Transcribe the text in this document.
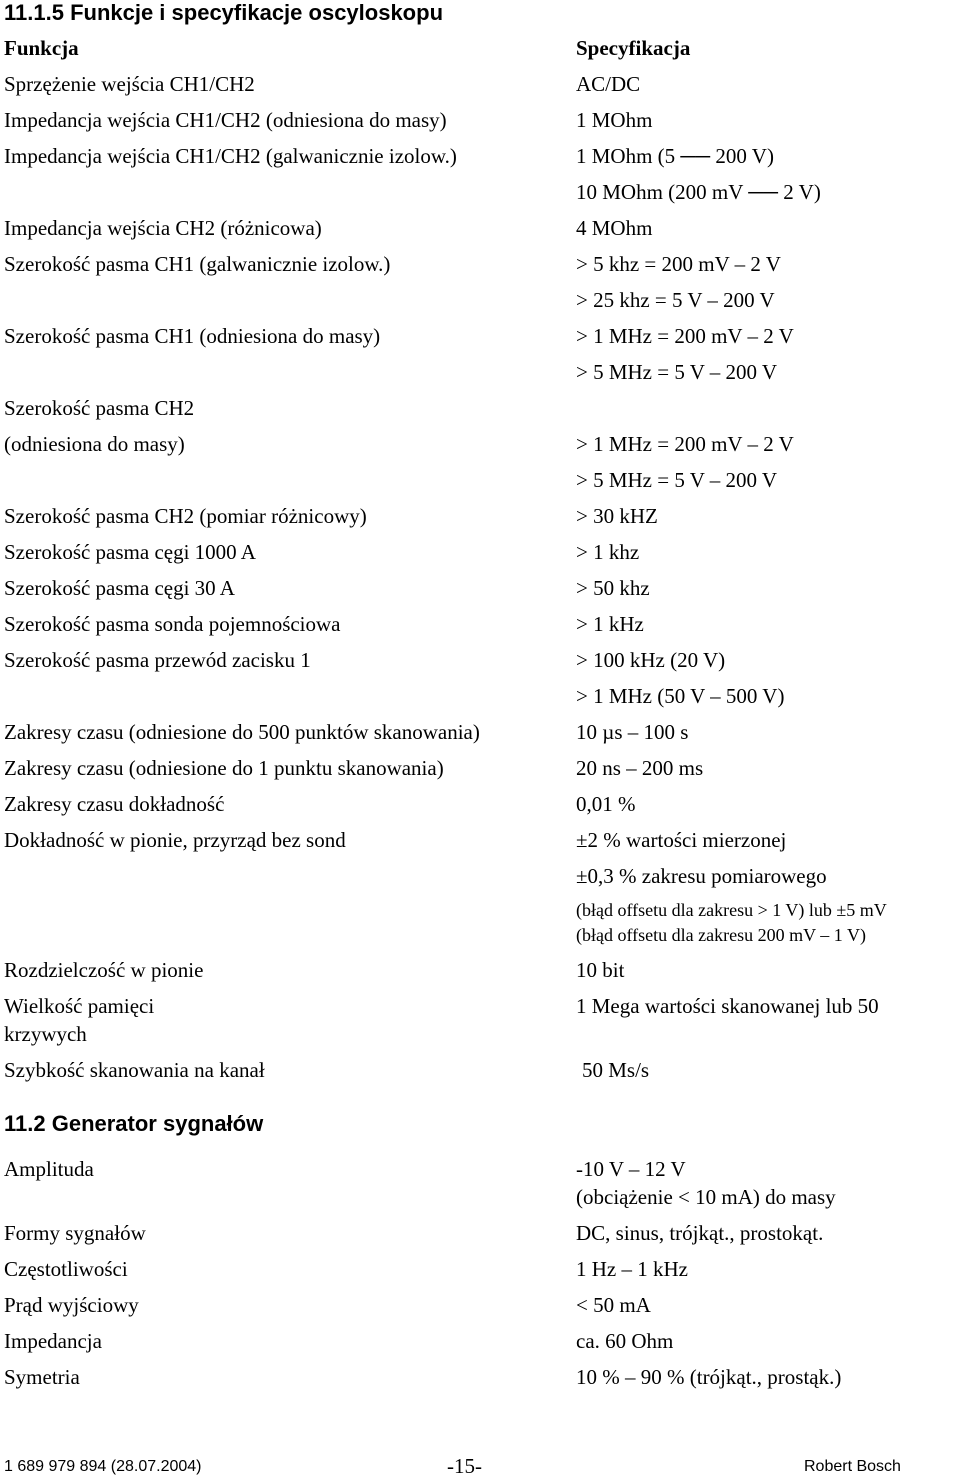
11.1.5 Funkcje i specyfikacje oscyloskopu
Funkcja	Specyfikacja
Sprzężenie wejścia CH1/CH2	AC/DC
Impedancja wejścia CH1/CH2 (odniesiona do masy)	1 MOhm
Impedancja wejścia CH1/CH2 (galwanicznie izolow.)	1 MOhm (5 ── 200 V)
10 MOhm (200 mV ── 2 V)
Impedancja wejścia CH2 (różnicowa)	4 MOhm
Szerokość pasma CH1 (galwanicznie izolow.)	> 5 khz = 200 mV – 2 V
> 25 khz = 5 V – 200 V
Szerokość pasma CH1 (odniesiona do masy)	> 1 MHz = 200 mV – 2 V
> 5 MHz = 5 V – 200 V
Szerokość pasma CH2
(odniesiona do masy)	> 1 MHz = 200 mV – 2 V
> 5 MHz = 5 V – 200 V
Szerokość pasma CH2 (pomiar różnicowy)	> 30 kHZ
Szerokość pasma cęgi 1000 A	> 1 khz
Szerokość pasma cęgi 30 A	> 50 khz
Szerokość pasma sonda pojemnościowa	> 1 kHz
Szerokość pasma przewód zacisku 1	> 100 kHz (20 V)
> 1 MHz (50 V – 500 V)
Zakresy czasu (odniesione do 500 punktów skanowania)	10 µs – 100 s
Zakresy czasu (odniesione do 1 punktu skanowania)	20 ns – 200 ms
Zakresy czasu dokładność	0,01 %
Dokładność w pionie, przyrząd bez sond	±2 % wartości mierzonej
±0,3 % zakresu pomiarowego
(błąd offsetu dla zakresu > 1 V) lub ±5 mV
(błąd offsetu dla zakresu 200 mV – 1 V)
Rozdzielczość w pionie	10 bit
Wielkość pamięci	1 Mega wartości skanowanej lub 50
krzywych
Szybkość skanowania na kanał	50 Ms/s
11.2 Generator sygnałów
Amplituda	-10 V – 12 V
(obciążenie < 10 mA) do masy
Formy sygnałów	DC, sinus, trójkąt., prostokąt.
Częstotliwości	1 Hz – 1 kHz
Prąd wyjściowy	< 50 mA
Impedancja	ca. 60 Ohm
Symetria	10 % – 90 % (trójkąt., prostąk.)
1 689 979 894 (28.07.2004)	-15-	Robert Bosch
